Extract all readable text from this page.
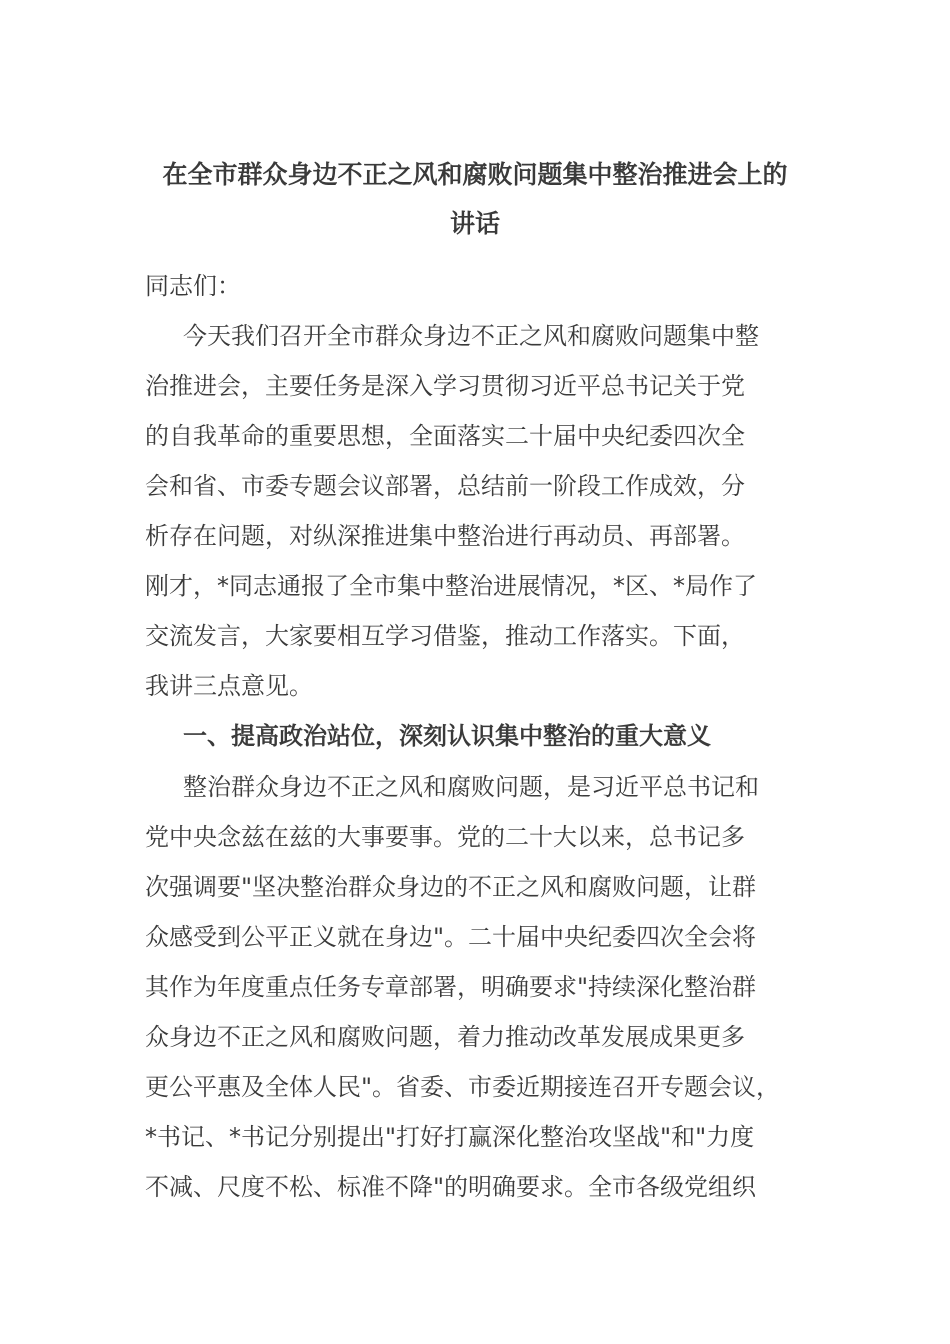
在全市群众身边不正之风和腐败问题集中整治推进会上的
讲话
同志们：
今天我们召开全市群众身边不正之风和腐败问题集中整
治推进会，主要任务是深入学习贯彻习近平总书记关于党
的自我革命的重要思想，全面落实二十届中央纪委四次全
会和省、市委专题会议部署，总结前一阶段工作成效，分
析存在问题，对纵深推进集中整治进行再动员、再部署。
刚才，*同志通报了全市集中整治进展情况，*区、*局作了
交流发言，大家要相互学习借鉴，推动工作落实。下面，
我讲三点意见。
一、提高政治站位，深刻认识集中整治的重大意义
整治群众身边不正之风和腐败问题，是习近平总书记和
党中央念兹在兹的大事要事。党的二十大以来，总书记多
次强调要"坚决整治群众身边的不正之风和腐败问题，让群
众感受到公平正义就在身边"。二十届中央纪委四次全会将
其作为年度重点任务专章部署，明确要求"持续深化整治群
众身边不正之风和腐败问题，着力推动改革发展成果更多
更公平惠及全体人民"。省委、市委近期接连召开专题会议，
*书记、*书记分别提出"打好打赢深化整治攻坚战"和"力度
不减、尺度不松、标准不降"的明确要求。全市各级党组织
